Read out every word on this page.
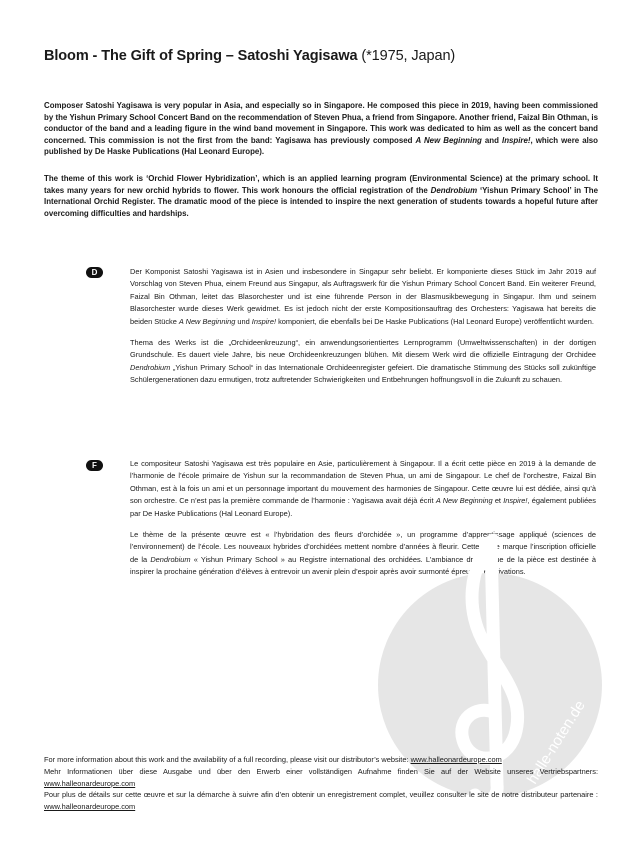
Bloom - The Gift of Spring – Satoshi Yagisawa (*1975, Japan)
Composer Satoshi Yagisawa is very popular in Asia, and especially so in Singapore. He composed this piece in 2019, having been commissioned by the Yishun Primary School Concert Band on the recommendation of Steven Phua, a friend from Singapore. Another friend, Faizal Bin Othman, is conductor of the band and a leading figure in the wind band movement in Singapore. This work was dedicated to him as well as the concert band concerned. This commission is not the first from the band: Yagisawa has previously composed A New Beginning and Inspire!, which were also published by De Haske Publications (Hal Leonard Europe).
The theme of this work is ‘Orchid Flower Hybridization’, which is an applied learning program (Environmental Science) at the primary school. It takes many years for new orchid hybrids to flower. This work honours the official registration of the Dendrobium ‘Yishun Primary School’ in The International Orchid Register. The dramatic mood of the piece is intended to inspire the next generation of students towards a hopeful future after overcoming difficulties and hardships.
D	Der Komponist Satoshi Yagisawa ist in Asien und insbesondere in Singapur sehr beliebt. Er komponierte dieses Stück im Jahr 2019 auf Vorschlag von Steven Phua, einem Freund aus Singapur, als Auftragswerk für die Yishun Primary School Concert Band. Ein weiterer Freund, Faizal Bin Othman, leitet das Blasorchester und ist eine führende Person in der Blasmusikbewegung in Singapur. Ihm und seinem Blasorchester wurde dieses Werk gewidmet. Es ist jedoch nicht der erste Kompositionsauftrag des Orchesters: Yagisawa hat bereits die beiden Stücke A New Beginning und Inspire! komponiert, die ebenfalls bei De Haske Publications (Hal Leonard Europe) veröffentlicht wurden.

Thema des Werks ist die „Orchideenkreuzung“, ein anwendungsorientiertes Lernprogramm (Umweltwissenschaften) in der dortigen Grundschule. Es dauert viele Jahre, bis neue Orchideenkreuzungen blühen. Mit diesem Werk wird die offizielle Eintragung der Orchidee Dendrobium „Yishun Primary School“ in das Internationale Orchideenregister gefeiert. Die dramatische Stimmung des Stücks soll zukünftige Schülergenerationen dazu ermutigen, trotz auftretender Schwierigkeiten und Entbehrungen hoffnungsvoll in die Zukunft zu schauen.

F	Le compositeur Satoshi Yagisawa est très populaire en Asie, particulièrement à Singapour. Il a écrit cette pièce en 2019 à la demande de l’harmonie de l’école primaire de Yishun sur la recommandation de Steven Phua, un ami de Singapour. Le chef de l’orchestre, Faizal Bin Othman, est à la fois un ami et un personnage important du mouvement des harmonies de Singapour. Cette œuvre lui est dédiée, ainsi qu’à son orchestre. Ce n’est pas la première commande de l’harmonie : Yagisawa avait déjà écrit A New Beginning et Inspire!, également publiées par De Haske Publications (Hal Leonard Europe).

Le thème de la présente œuvre est « l’hybridation des fleurs d’orchidée », un programme d’apprentissage appliqué (sciences de l’environnement) de l’école. Les nouveaux hybrides d’orchidées mettent nombre d’années à fleurir. Cette pièce marque l’inscription officielle de la Dendrobium « Yishun Primary School » au Registre international des orchidées. L’ambiance dramatique de la pièce est destinée à inspirer la prochaine génération d’élèves à entrevoir un avenir plein d’espoir après avoir surmonté épreuves et privations.

halle-noten.de

For more information about this work and the availability of a full recording, please visit our distributor’s website: www.halleonardeurope.com

Mehr Informationen über diese Ausgabe und über den Erwerb einer vollständigen Aufnahme finden Sie auf der Website unseres Vertriebspartners: www.halleonardeurope.com

Pour plus de détails sur cette œuvre et sur la démarche à suivre afin d’en obtenir un enregistrement complet, veuillez consulter le site de notre distributeur partenaire : www.halleonardeurope.com
